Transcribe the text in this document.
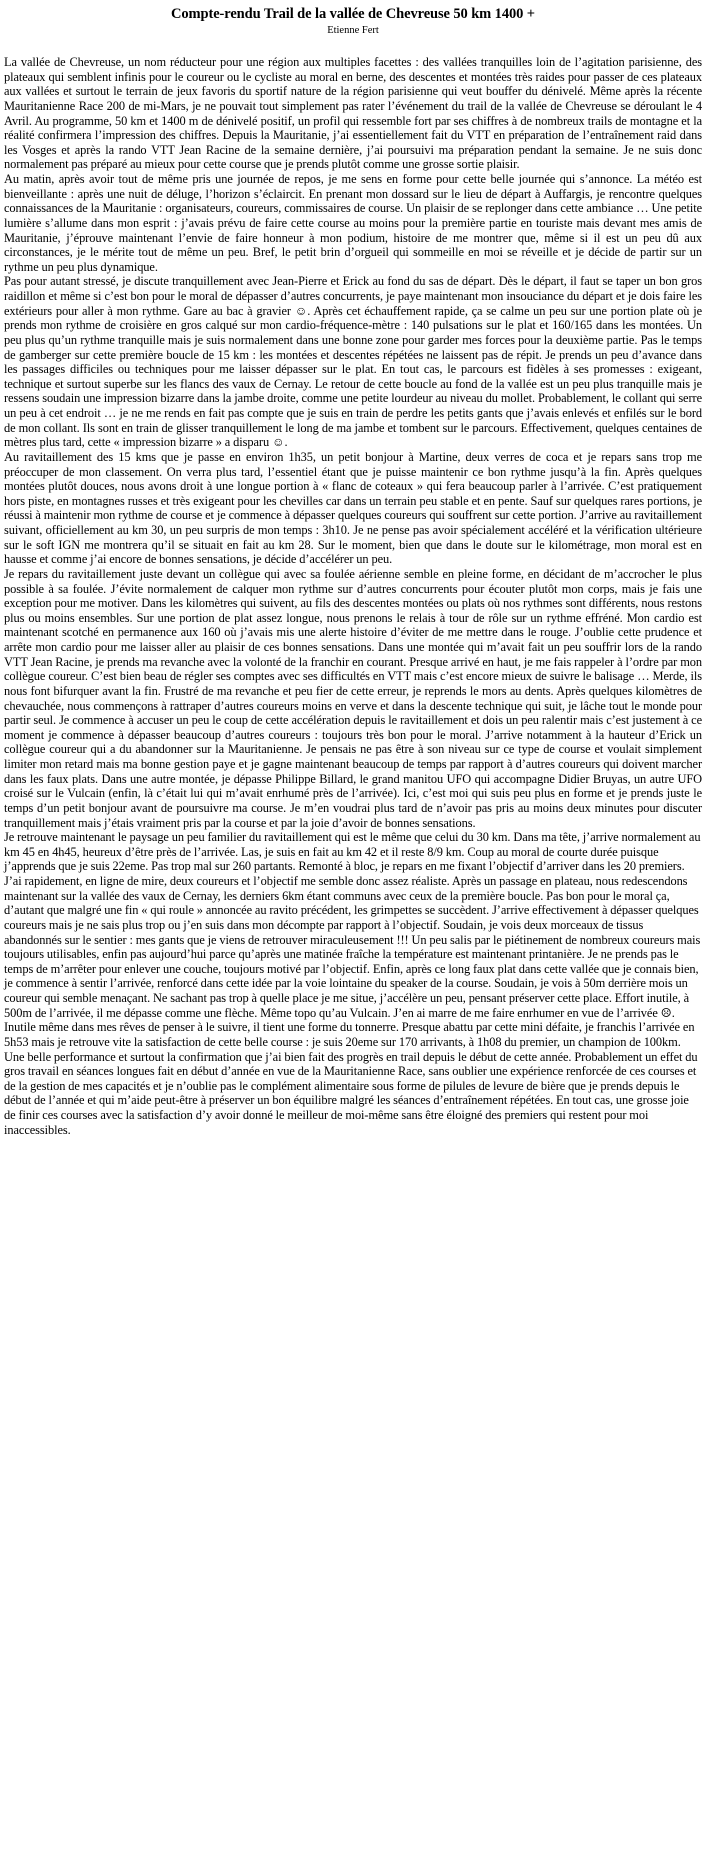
Compte-rendu Trail de la vallée de Chevreuse 50 km 1400 +
Etienne Fert

La vallée de Chevreuse, un nom réducteur pour une région aux multiples facettes : des vallées tranquilles loin de l’agitation parisienne, des plateaux qui semblent infinis pour le coureur ou le cycliste au moral en berne, des descentes et montées très raides pour passer de ces plateaux aux vallées et surtout le terrain de jeux favoris du sportif nature de la région parisienne qui veut bouffer du dénivelé. Même après la récente Mauritanienne Race 200 de mi-Mars, je ne pouvait tout simplement pas rater l’événement du trail de la vallée de Chevreuse se déroulant le 4 Avril. Au programme, 50 km et 1400 m de dénivelé positif, un profil qui ressemble fort par ses chiffres à de nombreux trails de montagne et la réalité confirmera l’impression des chiffres. Depuis la Mauritanie, j’ai essentiellement fait du VTT en préparation de l’entraînement raid dans les Vosges et après la rando VTT Jean Racine de la semaine dernière, j’ai poursuivi ma préparation pendant la semaine. Je ne suis donc normalement pas préparé au mieux pour cette course que je prends plutôt comme une grosse sortie plaisir.

Au matin, après avoir tout de même pris une journée de repos, je me sens en forme pour cette belle journée qui s’annonce. La météo est bienveillante : après une nuit de déluge, l’horizon s’éclaircit. En prenant mon dossard sur le lieu de départ à Auffargis, je rencontre quelques connaissances de la Mauritanie : organisateurs, coureurs, commissaires de course. Un plaisir de se replonger dans cette ambiance … Une petite lumière s’allume dans mon esprit : j’avais prévu de faire cette course au moins pour la première partie en touriste mais devant mes amis de Mauritanie, j’éprouve maintenant l’envie de faire honneur à mon podium, histoire de me montrer que, même si il est un peu dû aux circonstances, je le mérite tout de même un peu. Bref, le petit brin d’orgueil qui sommeille en moi se réveille et je décide de partir sur un rythme un peu plus dynamique.

Pas pour autant stressé, je discute tranquillement avec Jean-Pierre et Erick au fond du sas de départ. Dès le départ, il faut se taper un bon gros raidillon et même si c’est bon pour le moral de dépasser d’autres concurrents, je paye maintenant mon insouciance du départ et je dois faire les extérieurs pour aller à mon rythme. Gare au bac à gravier ☺. Après cet échauffement rapide, ça se calme un peu sur une portion plate où je prends mon rythme de croisière en gros calqué sur mon cardio-fréquence-mètre : 140 pulsations sur le plat et 160/165 dans les montées. Un peu plus qu’un rythme tranquille mais je suis normalement dans une bonne zone pour garder mes forces pour la deuxième partie. Pas le temps de gamberger sur cette première boucle de 15 km : les montées et descentes répétées ne laissent pas de répit. Je prends un peu d’avance dans les passages difficiles ou techniques pour me laisser dépasser sur le plat. En tout cas, le parcours est fidèles à ses promesses : exigeant, technique et surtout superbe sur les flancs des vaux de Cernay. Le retour de cette boucle au fond de la vallée est un peu plus tranquille mais je ressens soudain une impression bizarre dans la jambe droite, comme une petite lourdeur au niveau du mollet. Probablement, le collant qui serre un peu à cet endroit … je ne me rends en fait pas compte que je suis en train de perdre les petits gants que j’avais enlevés et enfilés sur le bord de mon collant. Ils sont en train de glisser tranquillement le long de ma jambe et tombent sur le parcours. Effectivement, quelques centaines de mètres plus tard, cette « impression bizarre » a disparu ☺.

Au ravitaillement des 15 kms que je passe en environ 1h35, un petit bonjour à Martine, deux verres de coca et je repars sans trop me préoccuper de mon classement. On verra plus tard, l’essentiel étant que je puisse maintenir ce bon rythme jusqu’à la fin. Après quelques montées plutôt douces, nous avons droit à une longue portion à « flanc de coteaux » qui fera beaucoup parler à l’arrivée. C’est pratiquement hors piste, en montagnes russes et très exigeant pour les chevilles car dans un terrain peu stable et en pente. Sauf sur quelques rares portions, je réussi à maintenir mon rythme de course et je commence à dépasser quelques coureurs qui souffrent sur cette portion. J’arrive au ravitaillement suivant, officiellement au km 30, un peu surpris de mon temps : 3h10. Je ne pense pas avoir spécialement accéléré et la vérification ultérieure sur le soft IGN me montrera qu’il se situait en fait au km 28. Sur le moment, bien que dans le doute sur le kilométrage, mon moral est en hausse et comme j’ai encore de bonnes sensations, je décide d’accélérer un peu.

Je repars du ravitaillement juste devant un collègue qui avec sa foulée aérienne semble en pleine forme, en décidant de m’accrocher le plus possible à sa foulée. J’évite normalement de calquer mon rythme sur d’autres concurrents pour écouter plutôt mon corps, mais je fais une exception pour me motiver. Dans les kilomètres qui suivent, au fils des descentes montées ou plats où nos rythmes sont différents, nous restons plus ou moins ensembles. Sur une portion de plat assez longue, nous prenons le relais à tour de rôle sur un rythme effréné. Mon cardio est maintenant scotché en permanence aux 160 où j’avais mis une alerte histoire d’éviter de me mettre dans le rouge. J’oublie cette prudence et arrête mon cardio pour me laisser aller au plaisir de ces bonnes sensations. Dans une montée qui m’avait fait un peu souffrir lors de la rando VTT Jean Racine, je prends ma revanche avec la volonté de la franchir en courant. Presque arrivé en haut, je me fais rappeler à l’ordre par mon collègue coureur. C’est bien beau de régler ses comptes avec ses difficultés en VTT mais c’est encore mieux de suivre le balisage … Merde, ils nous font bifurquer avant la fin. Frustré de ma revanche et peu fier de cette erreur, je reprends le mors au dents. Après quelques kilomètres de chevauchée, nous commençons à rattraper d’autres coureurs moins en verve et dans la descente technique qui suit, je lâche tout le monde pour partir seul. Je commence à accuser un peu le coup de cette accélération depuis le ravitaillement et dois un peu ralentir mais c’est justement à ce moment je commence à dépasser beaucoup d’autres coureurs : toujours très bon pour le moral. J’arrive notamment à la hauteur d’Erick un collègue coureur qui a du abandonner sur la Mauritanienne. Je pensais ne pas être à son niveau sur ce type de course et voulait simplement limiter mon retard mais ma bonne gestion paye et je gagne maintenant beaucoup de temps par rapport à d’autres coureurs qui doivent marcher dans les faux plats. Dans une autre montée, je dépasse Philippe Billard, le grand manitou UFO qui accompagne Didier Bruyas, un autre UFO croisé sur le Vulcain (enfin, là c’était lui qui m’avait enrhumé près de l’arrivée). Ici, c’est moi qui suis peu plus en forme et je prends juste le temps d’un petit bonjour avant de poursuivre ma course. Je m’en voudrai plus tard de n’avoir pas pris au moins deux minutes pour discuter tranquillement mais j’étais vraiment pris par la course et par la joie d’avoir de bonnes sensations.

Je retrouve maintenant le paysage un peu familier du ravitaillement qui est le même que celui du 30 km. Dans ma tête, j’arrive normalement au km 45 en 4h45, heureux d’être près de l’arrivée. Las, je suis en fait au km 42 et il reste 8/9 km. Coup au moral de courte durée puisque j’apprends que je suis 22eme. Pas trop mal sur 260 partants. Remonté à bloc, je repars en me fixant l’objectif d’arriver dans les 20 premiers. J’ai rapidement, en ligne de mire, deux coureurs et l’objectif me semble donc assez réaliste. Après un passage en plateau, nous redescendons maintenant sur la vallée des vaux de Cernay, les derniers 6km étant communs avec ceux de la première boucle. Pas bon pour le moral ça, d’autant que malgré une fin « qui roule » annoncée au ravito précédent, les grimpettes se succèdent. J’arrive effectivement à dépasser quelques coureurs mais je ne sais plus trop ou j’en suis dans mon décompte par rapport à l’objectif. Soudain, je vois deux morceaux de tissus abandonnés sur le sentier : mes gants que je viens de retrouver miraculeusement !!! Un peu salis par le piétinement de nombreux coureurs mais toujours utilisables, enfin pas aujourd’hui parce qu’après une matinée fraîche la température est maintenant printanière. Je ne prends pas le temps de m’arrêter pour enlever une couche, toujours motivé par l’objectif. Enfin, après ce long faux plat dans cette vallée que je connais bien, je commence à sentir l’arrivée, renforcé dans cette idée par la voie lointaine du speaker de la course. Soudain, je vois à 50m derrière mois un coureur qui semble menaçant. Ne sachant pas trop à quelle place je me situe, j’accélère un peu, pensant préserver cette place. Effort inutile, à 500m de l’arrivée, il me dépasse comme une flèche. Même topo qu’au Vulcain. J’en ai marre de me faire enrhumer en vue de l’arrivée ☹. Inutile même dans mes rêves de penser à le suivre, il tient une forme du tonnerre. Presque abattu par cette mini défaite, je franchis l’arrivée en 5h53 mais je retrouve vite la satisfaction de cette belle course : je suis 20eme sur 170 arrivants, à 1h08 du premier, un champion de 100km. Une belle performance et surtout la confirmation que j’ai bien fait des progrès en trail depuis le début de cette année. Probablement un effet du gros travail en séances longues fait en début d’année en vue de la Mauritanienne Race, sans oublier une expérience renforcée de ces courses et de la gestion de mes capacités et je n’oublie pas le complément alimentaire sous forme de pilules de levure de bière que je prends depuis le début de l’année et qui m’aide peut-être à préserver un bon équilibre malgré les séances d’entraînement répétées. En tout cas, une grosse joie de finir ces courses avec la satisfaction d’y avoir donné le meilleur de moi-même sans être éloigné des premiers qui restent pour moi inaccessibles.
